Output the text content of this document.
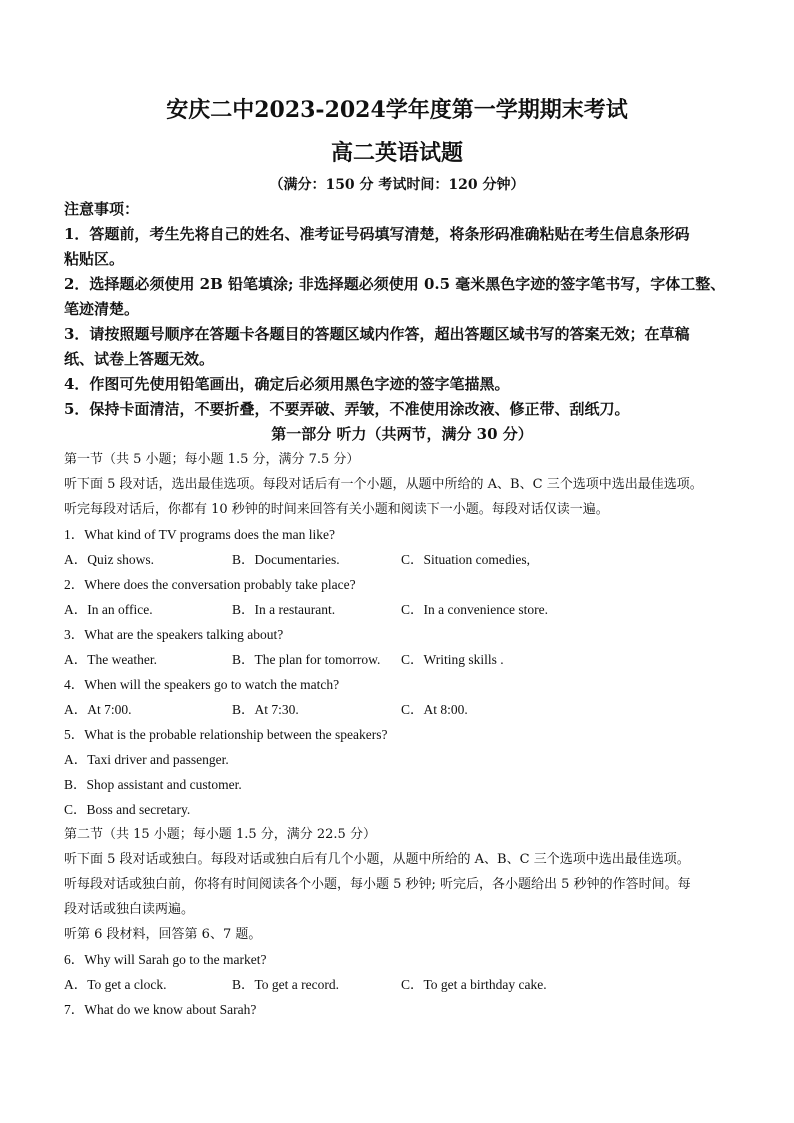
安庆二中2023-2024学年度第一学期期末考试
高二英语试题
（满分：150 分 考试时间：120 分钟）

注意事项：

1．答题前，考生先将自己的姓名、准考证号码填写清楚，将条形码准确粘贴在考生信息条形码

粘贴区。

2．选择题必须使用 2B 铅笔填涂; 非选择题必须使用 0.5 毫米黑色字迹的签字笔书写，字体工整、

笔迹清楚。

3．请按照题号顺序在答题卡各题目的答题区域内作答，超出答题区域书写的答案无效；在草稿

纸、试卷上答题无效。

4．作图可先使用铅笔画出，确定后必须用黑色字迹的签字笔描黑。

5．保持卡面清洁，不要折叠，不要弄破、弄皱，不准使用涂改液、修正带、刮纸刀。

第一部分 听力（共两节，满分 30 分）

第一节（共 5 小题；每小题 1.5 分，满分 7.5 分）

听下面 5 段对话，选出最佳选项。每段对话后有一个小题，从题中所给的 A、B、C 三个选项中选出最佳选项。

听完每段对话后，你都有 10 秒钟的时间来回答有关小题和阅读下一小题。每段对话仅读一遍。

1．What kind of TV programs does the man like?

A．Quiz shows.	B．Documentaries.	C．Situation comedies,

2．Where does the conversation probably take place?

A．In an office.	B．In a restaurant.	C．In a convenience store.

3．What are the speakers talking about?

A．The weather.	B．The plan for tomorrow.	C．Writing skills .

4．When will the speakers go to watch the match?

A．At 7:00.	B．At 7:30.	C．At 8:00.

5．What is the probable relationship between the speakers?

A．Taxi driver and passenger.

B．Shop assistant and customer.

C．Boss and secretary.

第二节（共 15 小题；每小题 1.5 分，满分 22.5 分）

听下面 5 段对话或独白。每段对话或独白后有几个小题，从题中所给的 A、B、C 三个选项中选出最佳选项。

听每段对话或独白前，你将有时间阅读各个小题，每小题 5 秒钟; 听完后，各小题给出 5 秒钟的作答时间。每

段对话或独白读两遍。

听第 6 段材料，回答第 6、7 题。

6．Why will Sarah go to the market?

A．To get a clock.	B．To get a record.	C．To get a birthday cake.

7．What do we know about Sarah?
